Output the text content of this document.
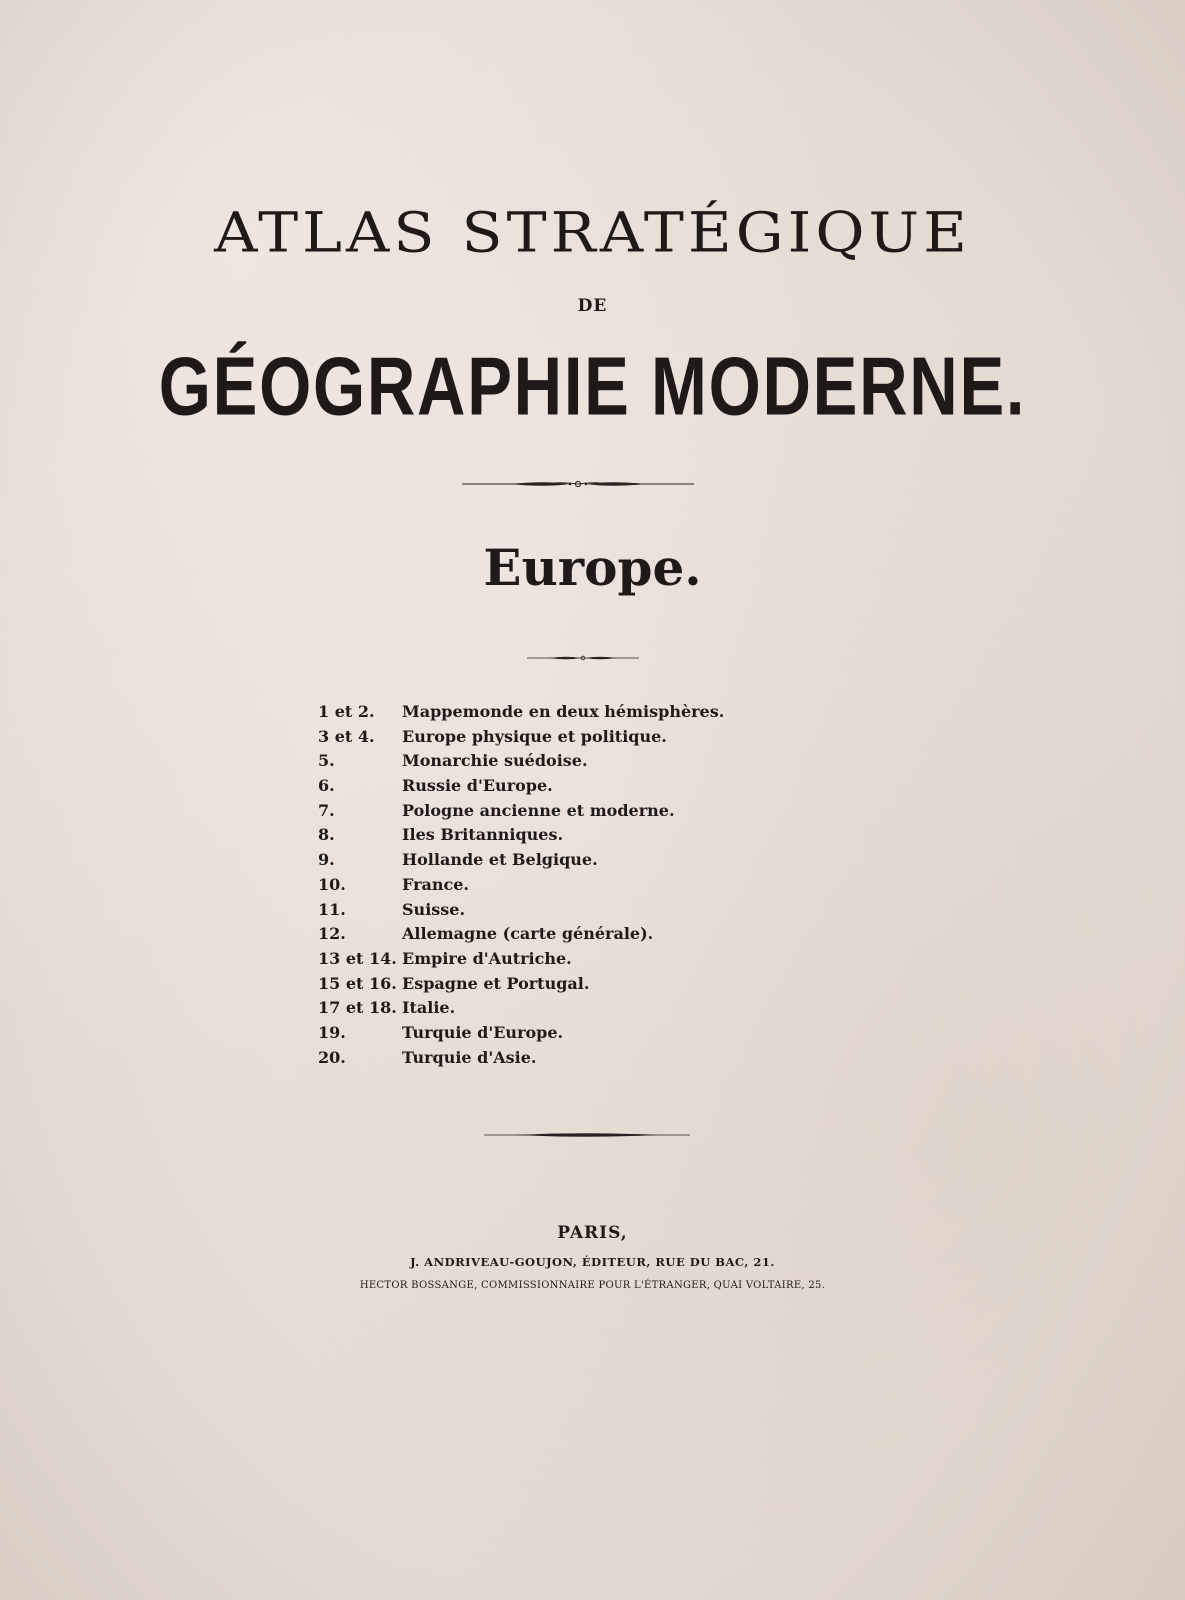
ATLAS STRATÉGIQUE
DE
GÉOGRAPHIE MODERNE.
Europe.
1 et 2.	Mappemonde en deux hémisphères.
3 et 4.	Europe physique et politique.
5.	Monarchie suédoise.
6.	Russie d'Europe.
7.	Pologne ancienne et moderne.
8.	Iles Britanniques.
9.	Hollande et Belgique.
10.	France.
11.	Suisse.
12.	Allemagne (carte générale).
13 et 14. Empire d'Autriche.
15 et 16. Espagne et Portugal.
17 et 18. Italie.
19.	Turquie d'Europe.
20.	Turquie d'Asie.
PARIS,
J. ANDRIVEAU-GOUJON, ÉDITEUR, RUE DU BAC, 21.
HECTOR BOSSANGE, COMMISSIONNAIRE POUR L'ÉTRANGER, QUAI VOLTAIRE, 25.
